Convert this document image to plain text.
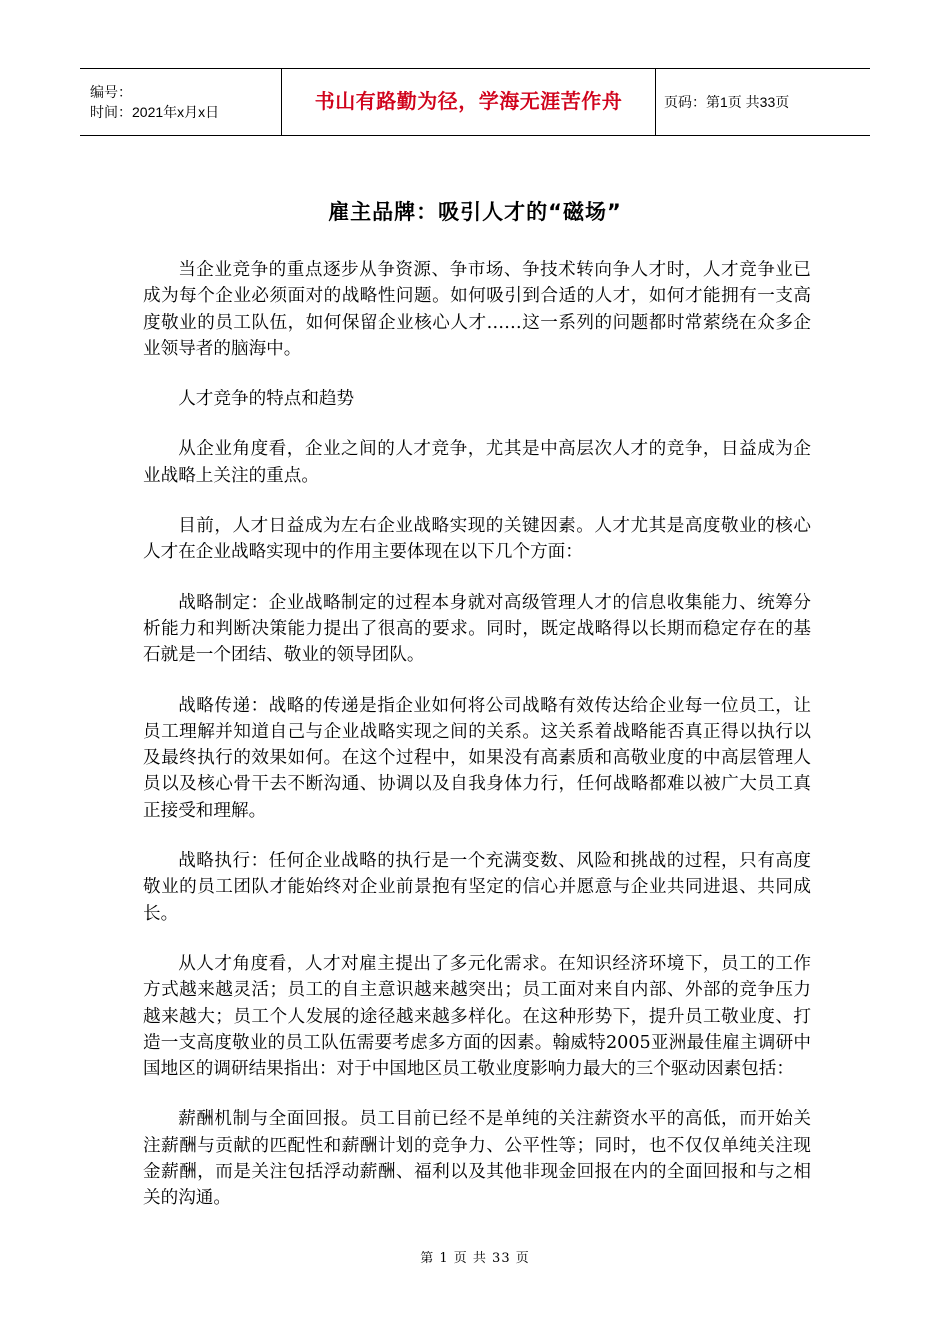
编号：
时间：2021年x月x日	书山有路勤为径，学海无涯苦作舟	页码：第1页 共33页
雇主品牌：吸引人才的“磁场”

当企业竞争的重点逐步从争资源、争市场、争技术转向争人才时，人才竞争业已成为每个企业必须面对的战略性问题。如何吸引到合适的人才，如何才能拥有一支高度敬业的员工队伍，如何保留企业核心人才……这一系列的问题都时常萦绕在众多企业领导者的脑海中。

人才竞争的特点和趋势

从企业角度看，企业之间的人才竞争，尤其是中高层次人才的竞争，日益成为企业战略上关注的重点。

目前，人才日益成为左右企业战略实现的关键因素。人才尤其是高度敬业的核心人才在企业战略实现中的作用主要体现在以下几个方面：

战略制定：企业战略制定的过程本身就对高级管理人才的信息收集能力、统筹分析能力和判断决策能力提出了很高的要求。同时，既定战略得以长期而稳定存在的基石就是一个团结、敬业的领导团队。

战略传递：战略的传递是指企业如何将公司战略有效传达给企业每一位员工，让员工理解并知道自己与企业战略实现之间的关系。这关系着战略能否真正得以执行以及最终执行的效果如何。在这个过程中，如果没有高素质和高敬业度的中高层管理人员以及核心骨干去不断沟通、协调以及自我身体力行，任何战略都难以被广大员工真正接受和理解。

战略执行：任何企业战略的执行是一个充满变数、风险和挑战的过程，只有高度敬业的员工团队才能始终对企业前景抱有坚定的信心并愿意与企业共同进退、共同成长。

从人才角度看，人才对雇主提出了多元化需求。在知识经济环境下，员工的工作方式越来越灵活；员工的自主意识越来越突出；员工面对来自内部、外部的竞争压力越来越大；员工个人发展的途径越来越多样化。在这种形势下，提升员工敬业度、打造一支高度敬业的员工队伍需要考虑多方面的因素。翰威特2005亚洲最佳雇主调研中国地区的调研结果指出：对于中国地区员工敬业度影响力最大的三个驱动因素包括：

薪酬机制与全面回报。员工目前已经不是单纯的关注薪资水平的高低，而开始关注薪酬与贡献的匹配性和薪酬计划的竞争力、公平性等；同时，也不仅仅单纯关注现金薪酬，而是关注包括浮动薪酬、福利以及其他非现金回报在内的全面回报和与之相关的沟通。

第 1 页 共 33 页
